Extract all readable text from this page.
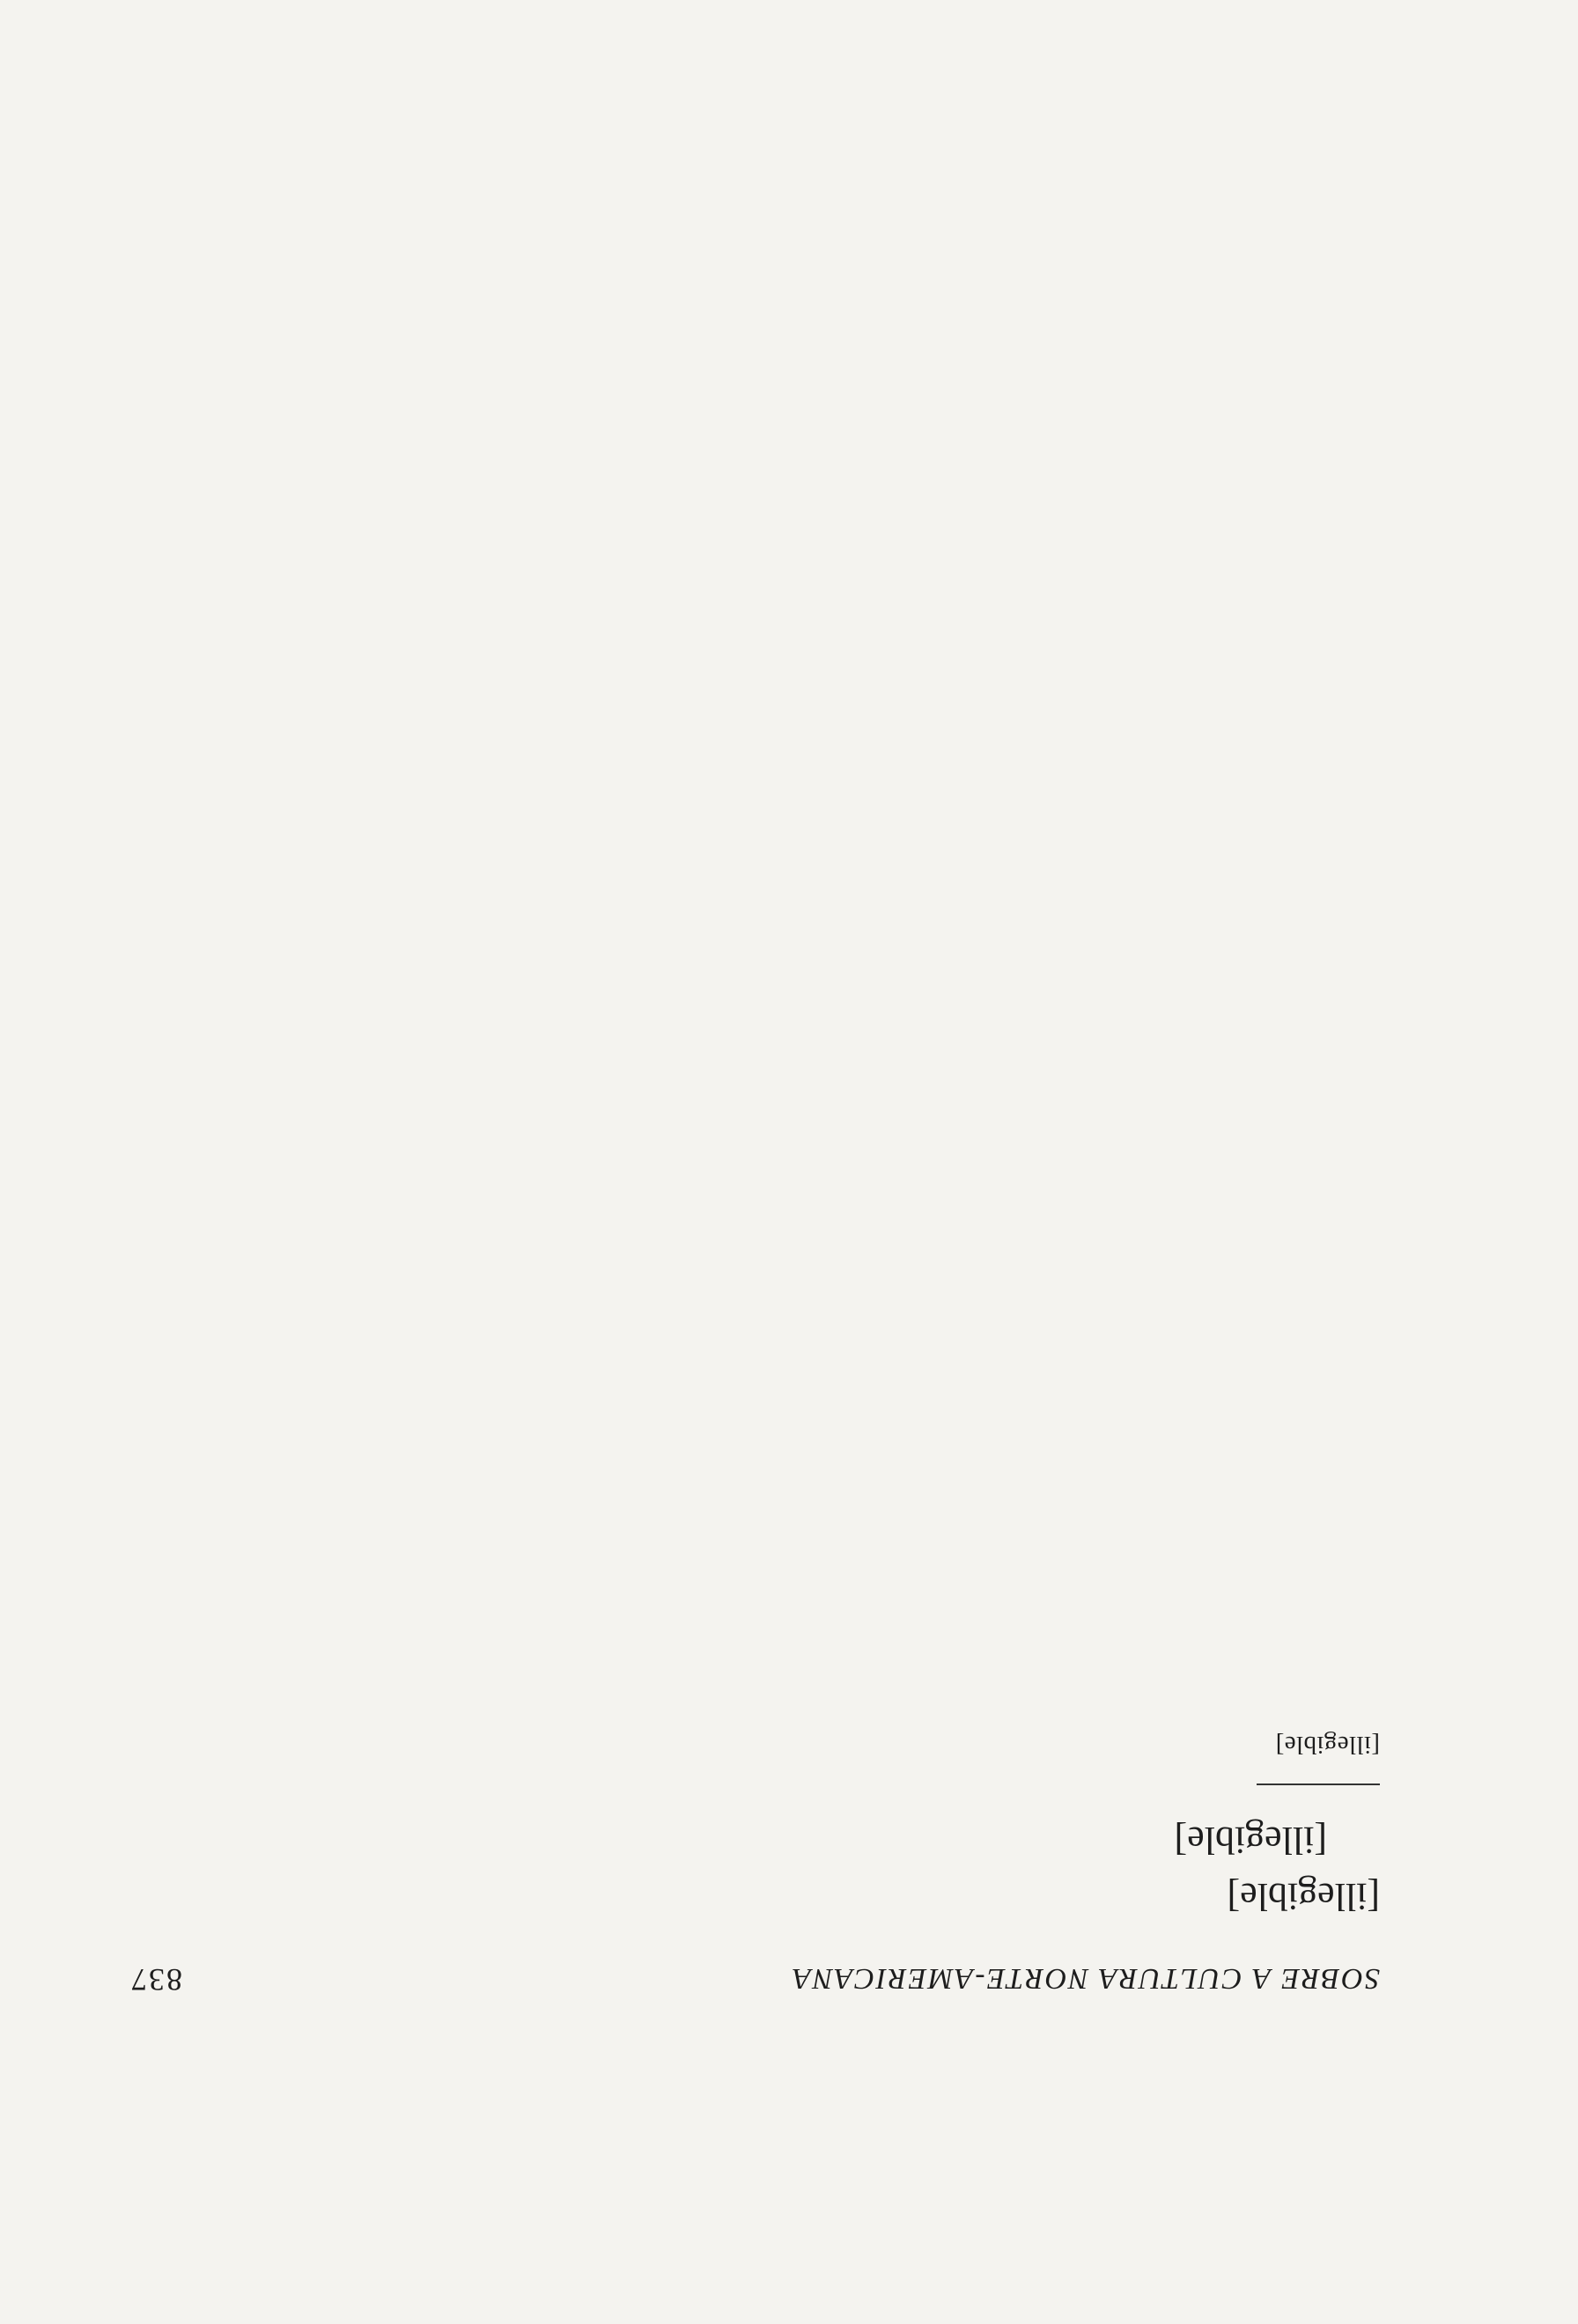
SOBRE A CULTURA NORTE-AMERICANA
837

[illegible]

[illegible]

[illegible]
